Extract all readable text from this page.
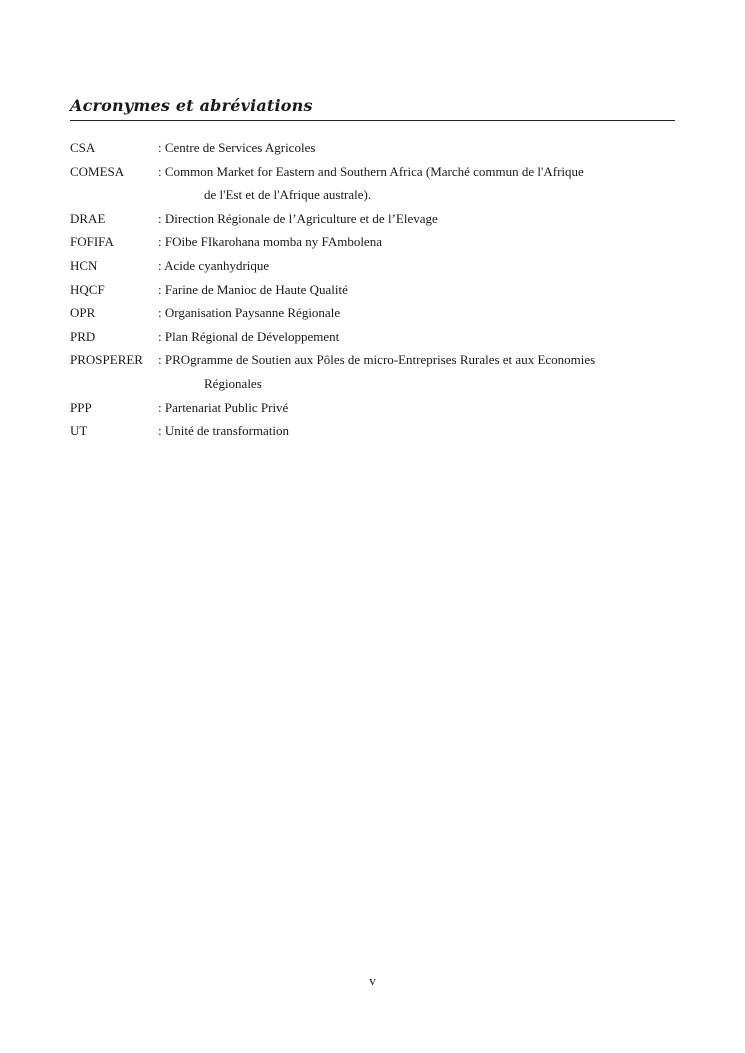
Acronymes et abréviations
CSA	: Centre de Services Agricoles
COMESA	: Common Market for Eastern and Southern Africa (Marché commun de l'Afrique
de l'Est et de l'Afrique australe).
DRAE	: Direction Régionale de l’Agriculture et de l’Elevage
FOFIFA	: FOibe FIkarohana momba ny FAmbolena
HCN	: Acide cyanhydrique
HQCF	: Farine de Manioc de Haute Qualité
OPR	: Organisation Paysanne Régionale
PRD	: Plan Régional de Développement
PROSPERER	: PROgramme de Soutien aux Pôles de micro-Entreprises Rurales et aux Economies
Régionales
PPP	: Partenariat Public Privé
UT	: Unité de transformation
v
